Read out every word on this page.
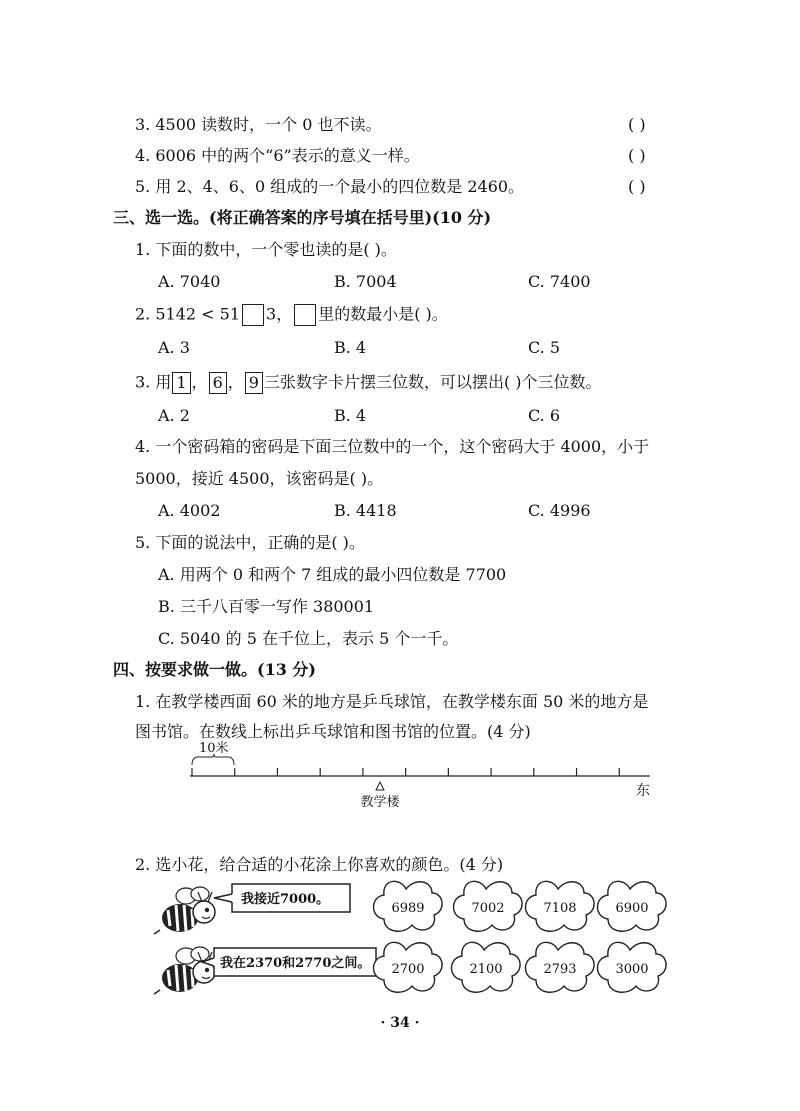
3. 4500 读数时，一个 0 也不读。	( )
4. 6006 中的两个“6”表示的意义一样。	( )
5. 用 2、4、6、0 组成的一个最小的四位数是 2460。	( )
三、选一选。(将正确答案的序号填在括号里)(10 分)
1. 下面的数中，一个零也读的是( )。
A. 7040	B. 7004	C. 7400
2. 5142 < 51 3， 里的数最小是( )。
A. 3	B. 4	C. 5
3. 用 1 ， 6 ， 9 三张数字卡片摆三位数，可以摆出( )个三位数。
A. 2	B. 4	C. 6
4. 一个密码箱的密码是下面三位数中的一个，这个密码大于 4000，小于
5000，接近 4500，该密码是( )。
A. 4002	B. 4418	C. 4996
5. 下面的说法中，正确的是( )。
A. 用两个 0 和两个 7 组成的最小四位数是 7700
B. 三千八百零一写作 380001
C. 5040 的 5 在千位上，表示 5 个一千。
四、按要求做一做。(13 分)
1. 在教学楼西面 60 米的地方是乒乓球馆，在教学楼东面 50 米的地方是
图书馆。在数线上标出乒乓球馆和图书馆的位置。(4 分)
10米
教学楼
东
2. 选小花，给合适的小花涂上你喜欢的颜色。(4 分)
我接近7000。
我在2370和2770之间。
6989	7002	7108	6900
2700	2100	2793	3000
· 34 ·
